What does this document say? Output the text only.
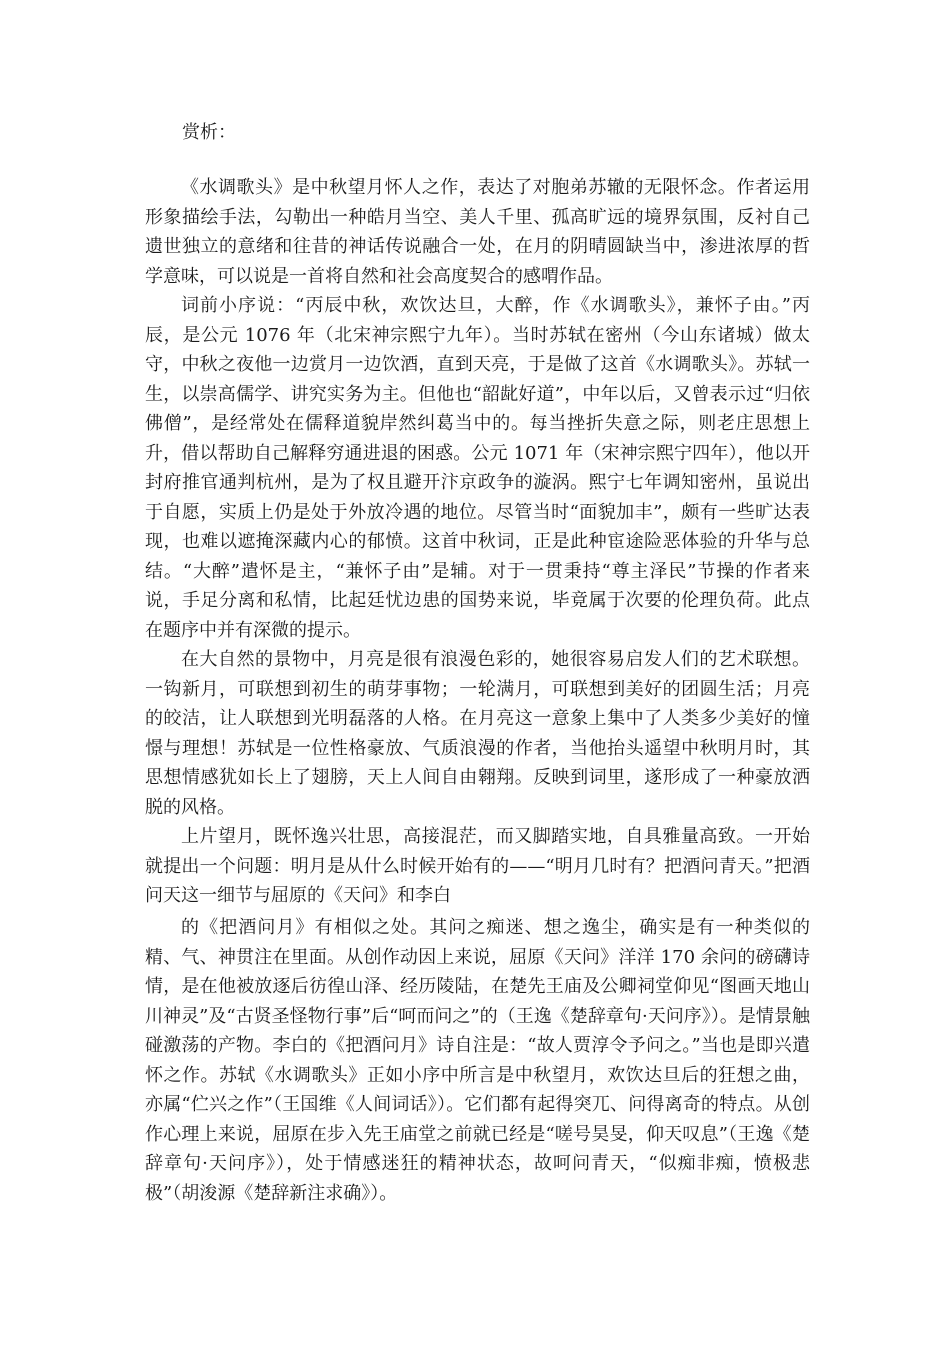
赏析：

《水调歌头》是中秋望月怀人之作，表达了对胞弟苏辙的无限怀念。作者运用形象描绘手法，勾勒出一种皓月当空、美人千里、孤高旷远的境界氛围，反衬自己遗世独立的意绪和往昔的神话传说融合一处，在月的阴晴圆缺当中，渗进浓厚的哲学意味，可以说是一首将自然和社会高度契合的感喟作品。

词前小序说：“丙辰中秋，欢饮达旦，大醉，作《水调歌头》，兼怀子由。”丙辰，是公元 1076 年（北宋神宗熙宁九年）。当时苏轼在密州（今山东诸城）做太守，中秋之夜他一边赏月一边饮酒，直到天亮，于是做了这首《水调歌头》。苏轼一生，以崇高儒学、讲究实务为主。但他也“韶龀好道”，中年以后，又曾表示过“归依佛僧”，是经常处在儒释道貌岸然纠葛当中的。每当挫折失意之际，则老庄思想上升，借以帮助自己解释穷通进退的困惑。公元 1071 年（宋神宗熙宁四年），他以开封府推官通判杭州，是为了权且避开汴京政争的漩涡。熙宁七年调知密州，虽说出于自愿，实质上仍是处于外放冷遇的地位。尽管当时“面貌加丰”，颇有一些旷达表现，也难以遮掩深藏内心的郁愤。这首中秋词，正是此种宦途险恶体验的升华与总结。“大醉”遣怀是主，“兼怀子由”是辅。对于一贯秉持“尊主泽民”节操的作者来说，手足分离和私情，比起廷忧边患的国势来说，毕竟属于次要的伦理负荷。此点在题序中并有深微的提示。

在大自然的景物中，月亮是很有浪漫色彩的，她很容易启发人们的艺术联想。一钩新月，可联想到初生的萌芽事物；一轮满月，可联想到美好的团圆生活；月亮的皎洁，让人联想到光明磊落的人格。在月亮这一意象上集中了人类多少美好的憧憬与理想！苏轼是一位性格豪放、气质浪漫的作者，当他抬头遥望中秋明月时，其思想情感犹如长上了翅膀，天上人间自由翱翔。反映到词里，遂形成了一种豪放洒脱的风格。

上片望月，既怀逸兴壮思，高接混茫，而又脚踏实地，自具雅量高致。一开始就提出一个问题：明月是从什么时候开始有的——“明月几时有？把酒问青天。”把酒问天这一细节与屈原的《天问》和李白

的《把酒问月》有相似之处。其问之痴迷、想之逸尘，确实是有一种类似的精、气、神贯注在里面。从创作动因上来说，屈原《天问》洋洋 170 余问的磅礴诗情，是在他被放逐后彷徨山泽、经历陵陆，在楚先王庙及公卿祠堂仰见“图画天地山川神灵”及“古贤圣怪物行事”后“呵而问之”的（王逸《楚辞章句·天问序》）。是情景触碰激荡的产物。李白的《把酒问月》诗自注是：“故人贾淳令予问之。”当也是即兴遣怀之作。苏轼《水调歌头》正如小序中所言是中秋望月，欢饮达旦后的狂想之曲，亦属“伫兴之作”（王国维《人间词话》）。它们都有起得突兀、问得离奇的特点。从创作心理上来说，屈原在步入先王庙堂之前就已经是“嗟号昊旻，仰天叹息”（王逸《楚辞章句·天问序》），处于情感迷狂的精神状态，故呵问青天，“似痴非痴，愤极悲极”（胡浚源《楚辞新注求确》）。
